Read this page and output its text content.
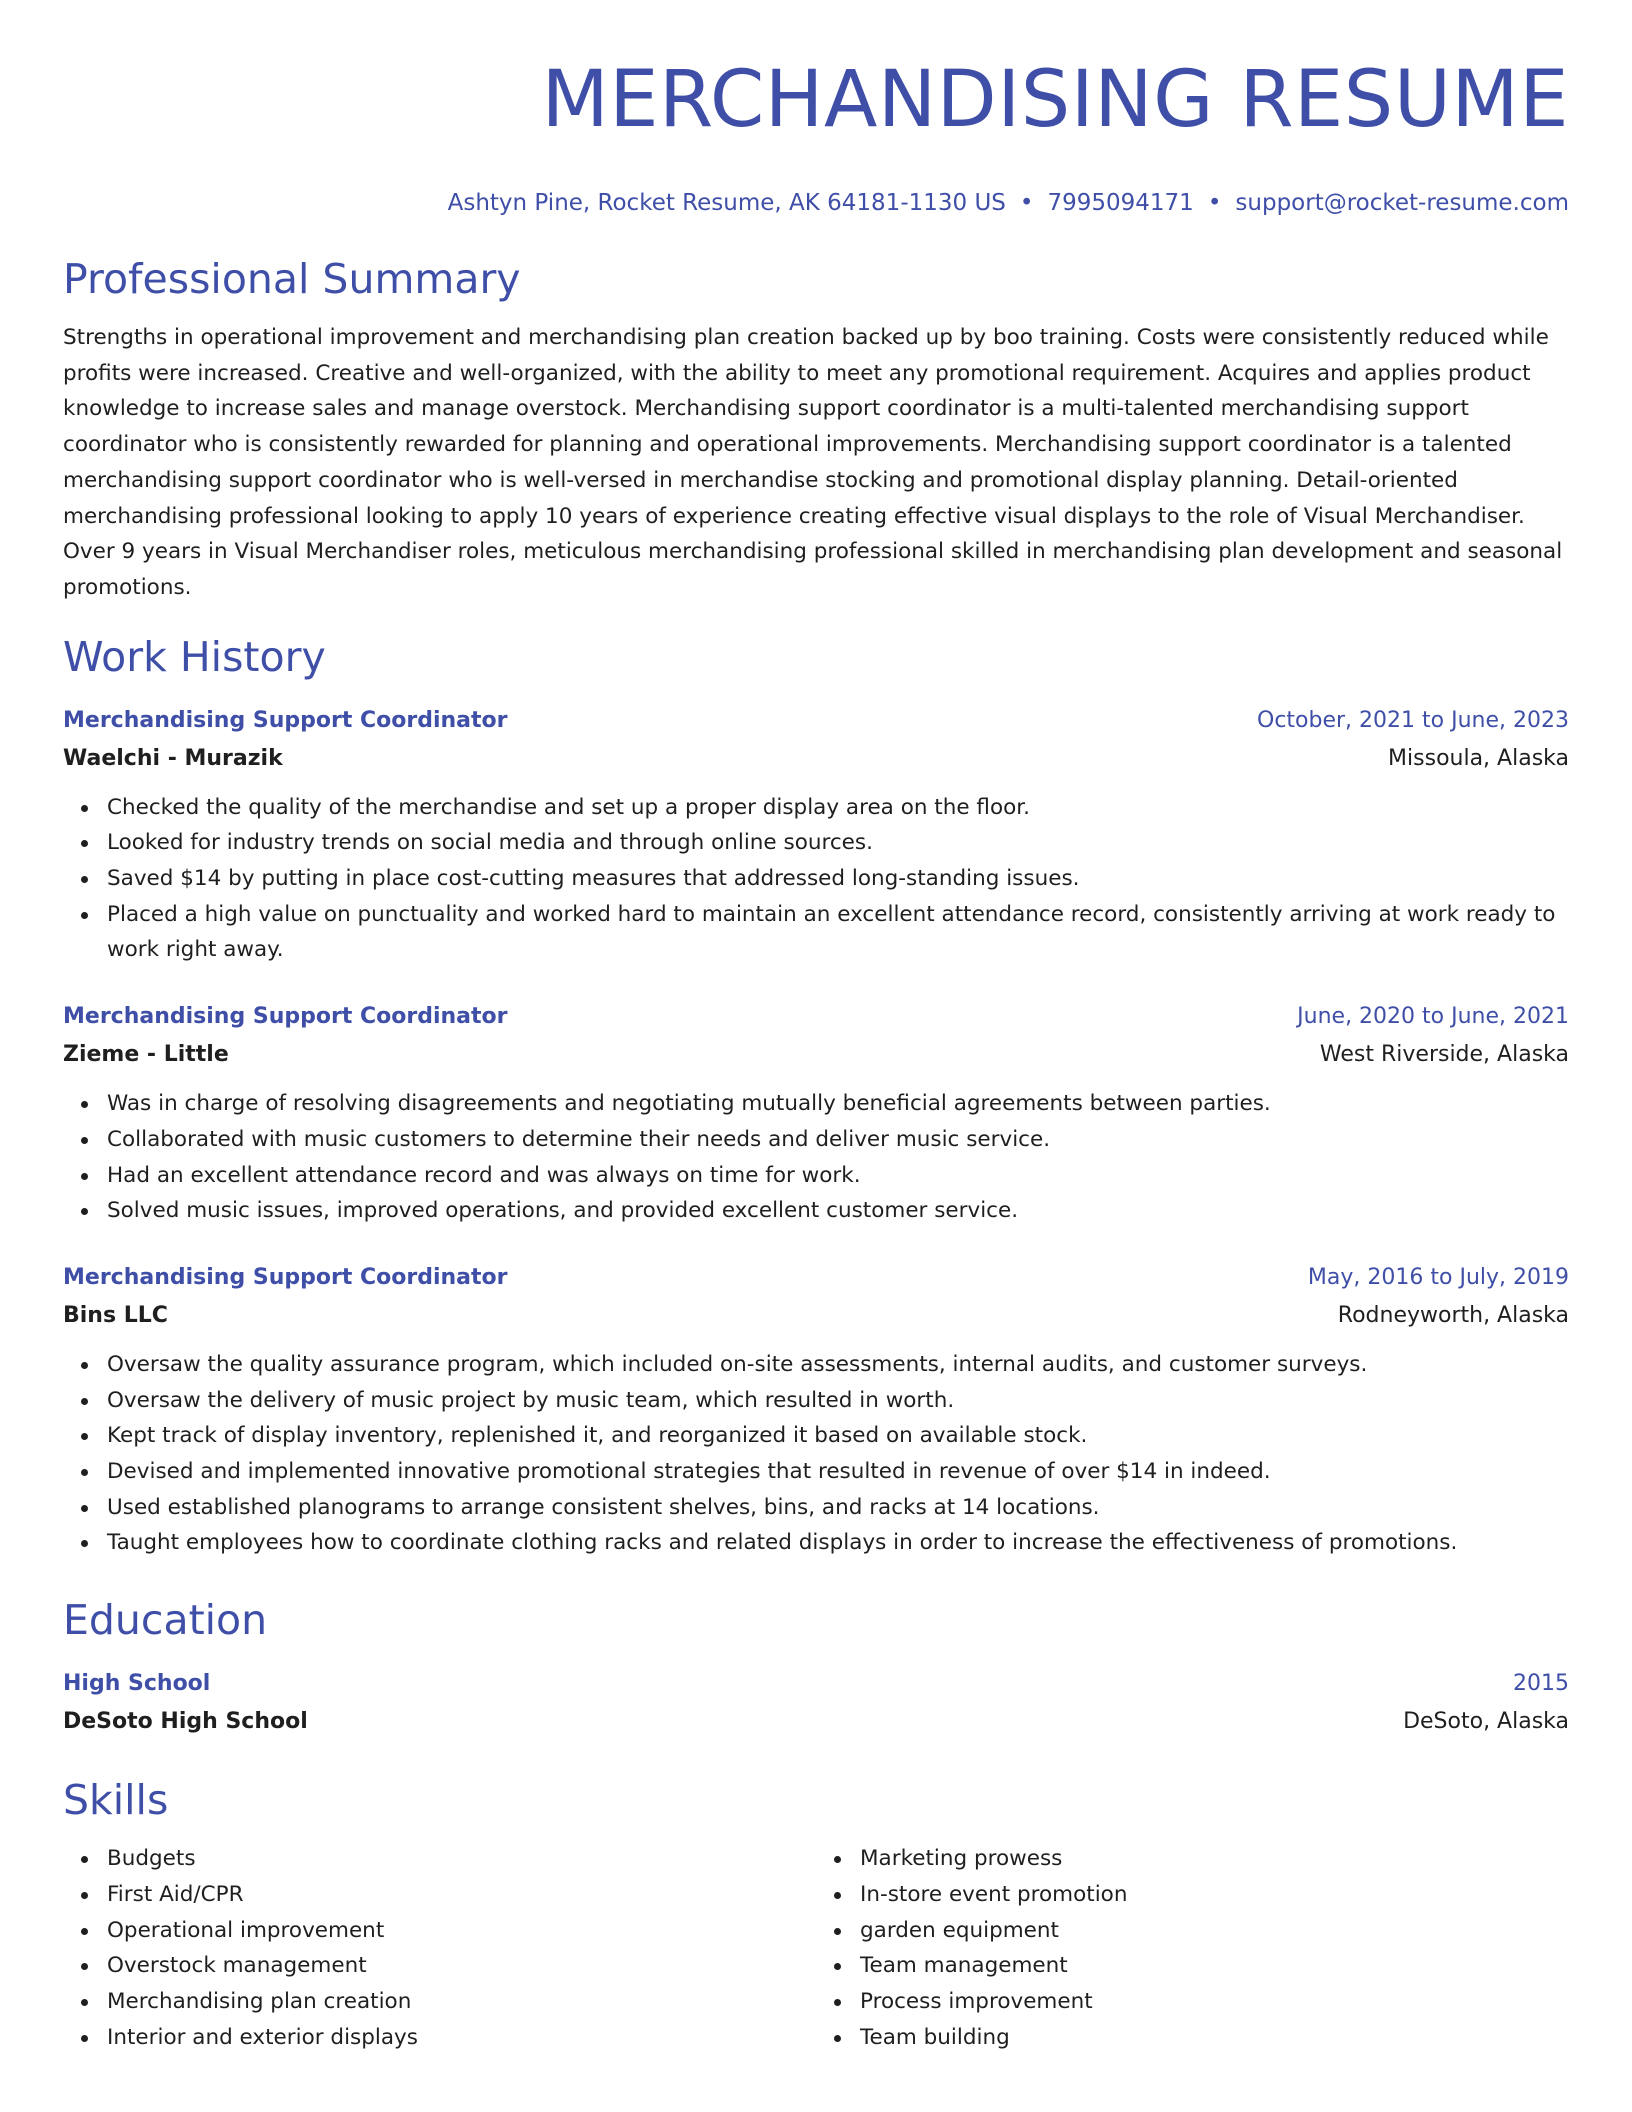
MERCHANDISING RESUME
Ashtyn Pine, Rocket Resume, AK 64181-1130 US • 7995094171 • support@rocket-resume.com
Professional Summary

Strengths in operational improvement and merchandising plan creation backed up by boo training. Costs were consistently reduced while profits were increased. Creative and well-organized, with the ability to meet any promotional requirement. Acquires and applies product knowledge to increase sales and manage overstock. Merchandising support coordinator is a multi-talented merchandising support coordinator who is consistently rewarded for planning and operational improvements. Merchandising support coordinator is a talented merchandising support coordinator who is well-versed in merchandise stocking and promotional display planning. Detail-oriented merchandising professional looking to apply 10 years of experience creating effective visual displays to the role of Visual Merchandiser. Over 9 years in Visual Merchandiser roles, meticulous merchandising professional skilled in merchandising plan development and seasonal promotions.

Work History
Merchandising Support Coordinator	October, 2021 to June, 2023
Waelchi - Murazik	Missoula, Alaska
Checked the quality of the merchandise and set up a proper display area on the floor.
Looked for industry trends on social media and through online sources.
Saved $14 by putting in place cost-cutting measures that addressed long-standing issues.
Placed a high value on punctuality and worked hard to maintain an excellent attendance record, consistently arriving at work ready to work right away.
Merchandising Support Coordinator	June, 2020 to June, 2021
Zieme - Little	West Riverside, Alaska
Was in charge of resolving disagreements and negotiating mutually beneficial agreements between parties.
Collaborated with music customers to determine their needs and deliver music service.
Had an excellent attendance record and was always on time for work.
Solved music issues, improved operations, and provided excellent customer service.
Merchandising Support Coordinator	May, 2016 to July, 2019
Bins LLC	Rodneyworth, Alaska
Oversaw the quality assurance program, which included on-site assessments, internal audits, and customer surveys.
Oversaw the delivery of music project by music team, which resulted in worth.
Kept track of display inventory, replenished it, and reorganized it based on available stock.
Devised and implemented innovative promotional strategies that resulted in revenue of over $14 in indeed.
Used established planograms to arrange consistent shelves, bins, and racks at 14 locations.
Taught employees how to coordinate clothing racks and related displays in order to increase the effectiveness of promotions.
Education
High School	2015
DeSoto High School	DeSoto, Alaska
Skills
Budgets
First Aid/CPR
Operational improvement
Overstock management
Merchandising plan creation
Interior and exterior displays
Marketing prowess
In-store event promotion
garden equipment
Team management
Process improvement
Team building
